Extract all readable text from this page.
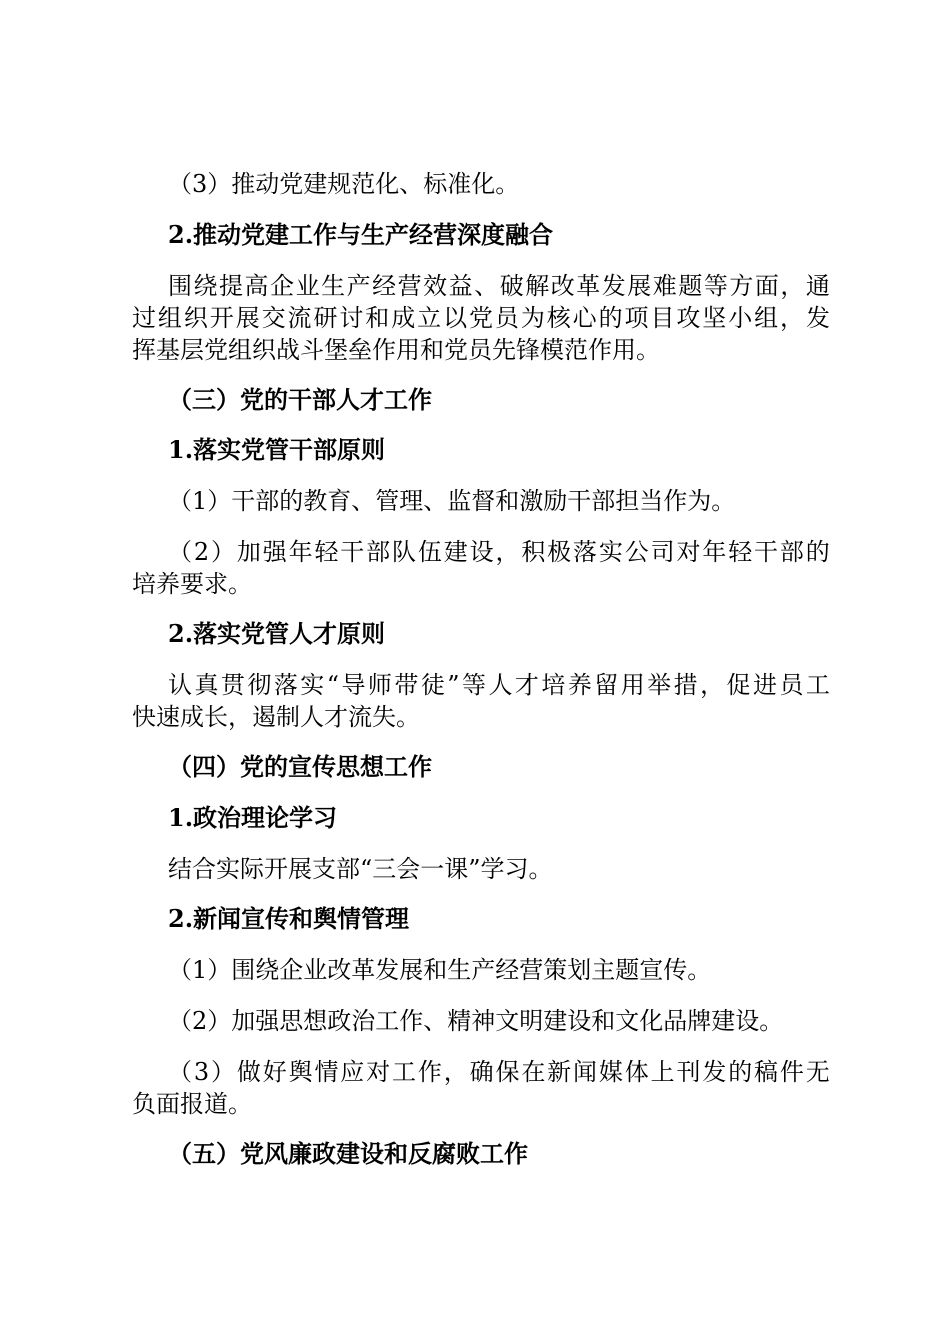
（3）推动党建规范化、标准化。
2.推动党建工作与生产经营深度融合
围 绕 提 高 企 业 生 产 经 营 效 益 、 破 解 改 革 发 展 难 题 等 方 面 ， 通
过 组 织 开 展 交 流 研 讨 和 成 立 以 党 员 为 核 心 的 项 目 攻 坚 小 组 ， 发
挥基层党组织战斗堡垒作用和党员先锋模范作用。
（三）党的干部人才工作
1.落实党管干部原则
（1）干部的教育、管理、监督和激励干部担当作为。
（ 2 ） 加 强 年 轻 干 部 队 伍 建 设 ， 积 极 落 实 公 司 对 年 轻 干 部 的
培养要求。
2.落实党管人才原则
认 真 贯 彻 落 实 “ 导 师 带 徒 ” 等 人 才 培 养 留 用 举 措 ， 促 进 员 工
快速成长，遏制人才流失。
（四）党的宣传思想工作
1.政治理论学习
结合实际开展支部“三会一课”学习。
2.新闻宣传和舆情管理
（1）围绕企业改革发展和生产经营策划主题宣传。
（2）加强思想政治工作、精神文明建设和文化品牌建设。
（ 3 ） 做 好 舆 情 应 对 工 作 ， 确 保 在 新 闻 媒 体 上 刊 发 的 稿 件 无
负面报道。
（五）党风廉政建设和反腐败工作
